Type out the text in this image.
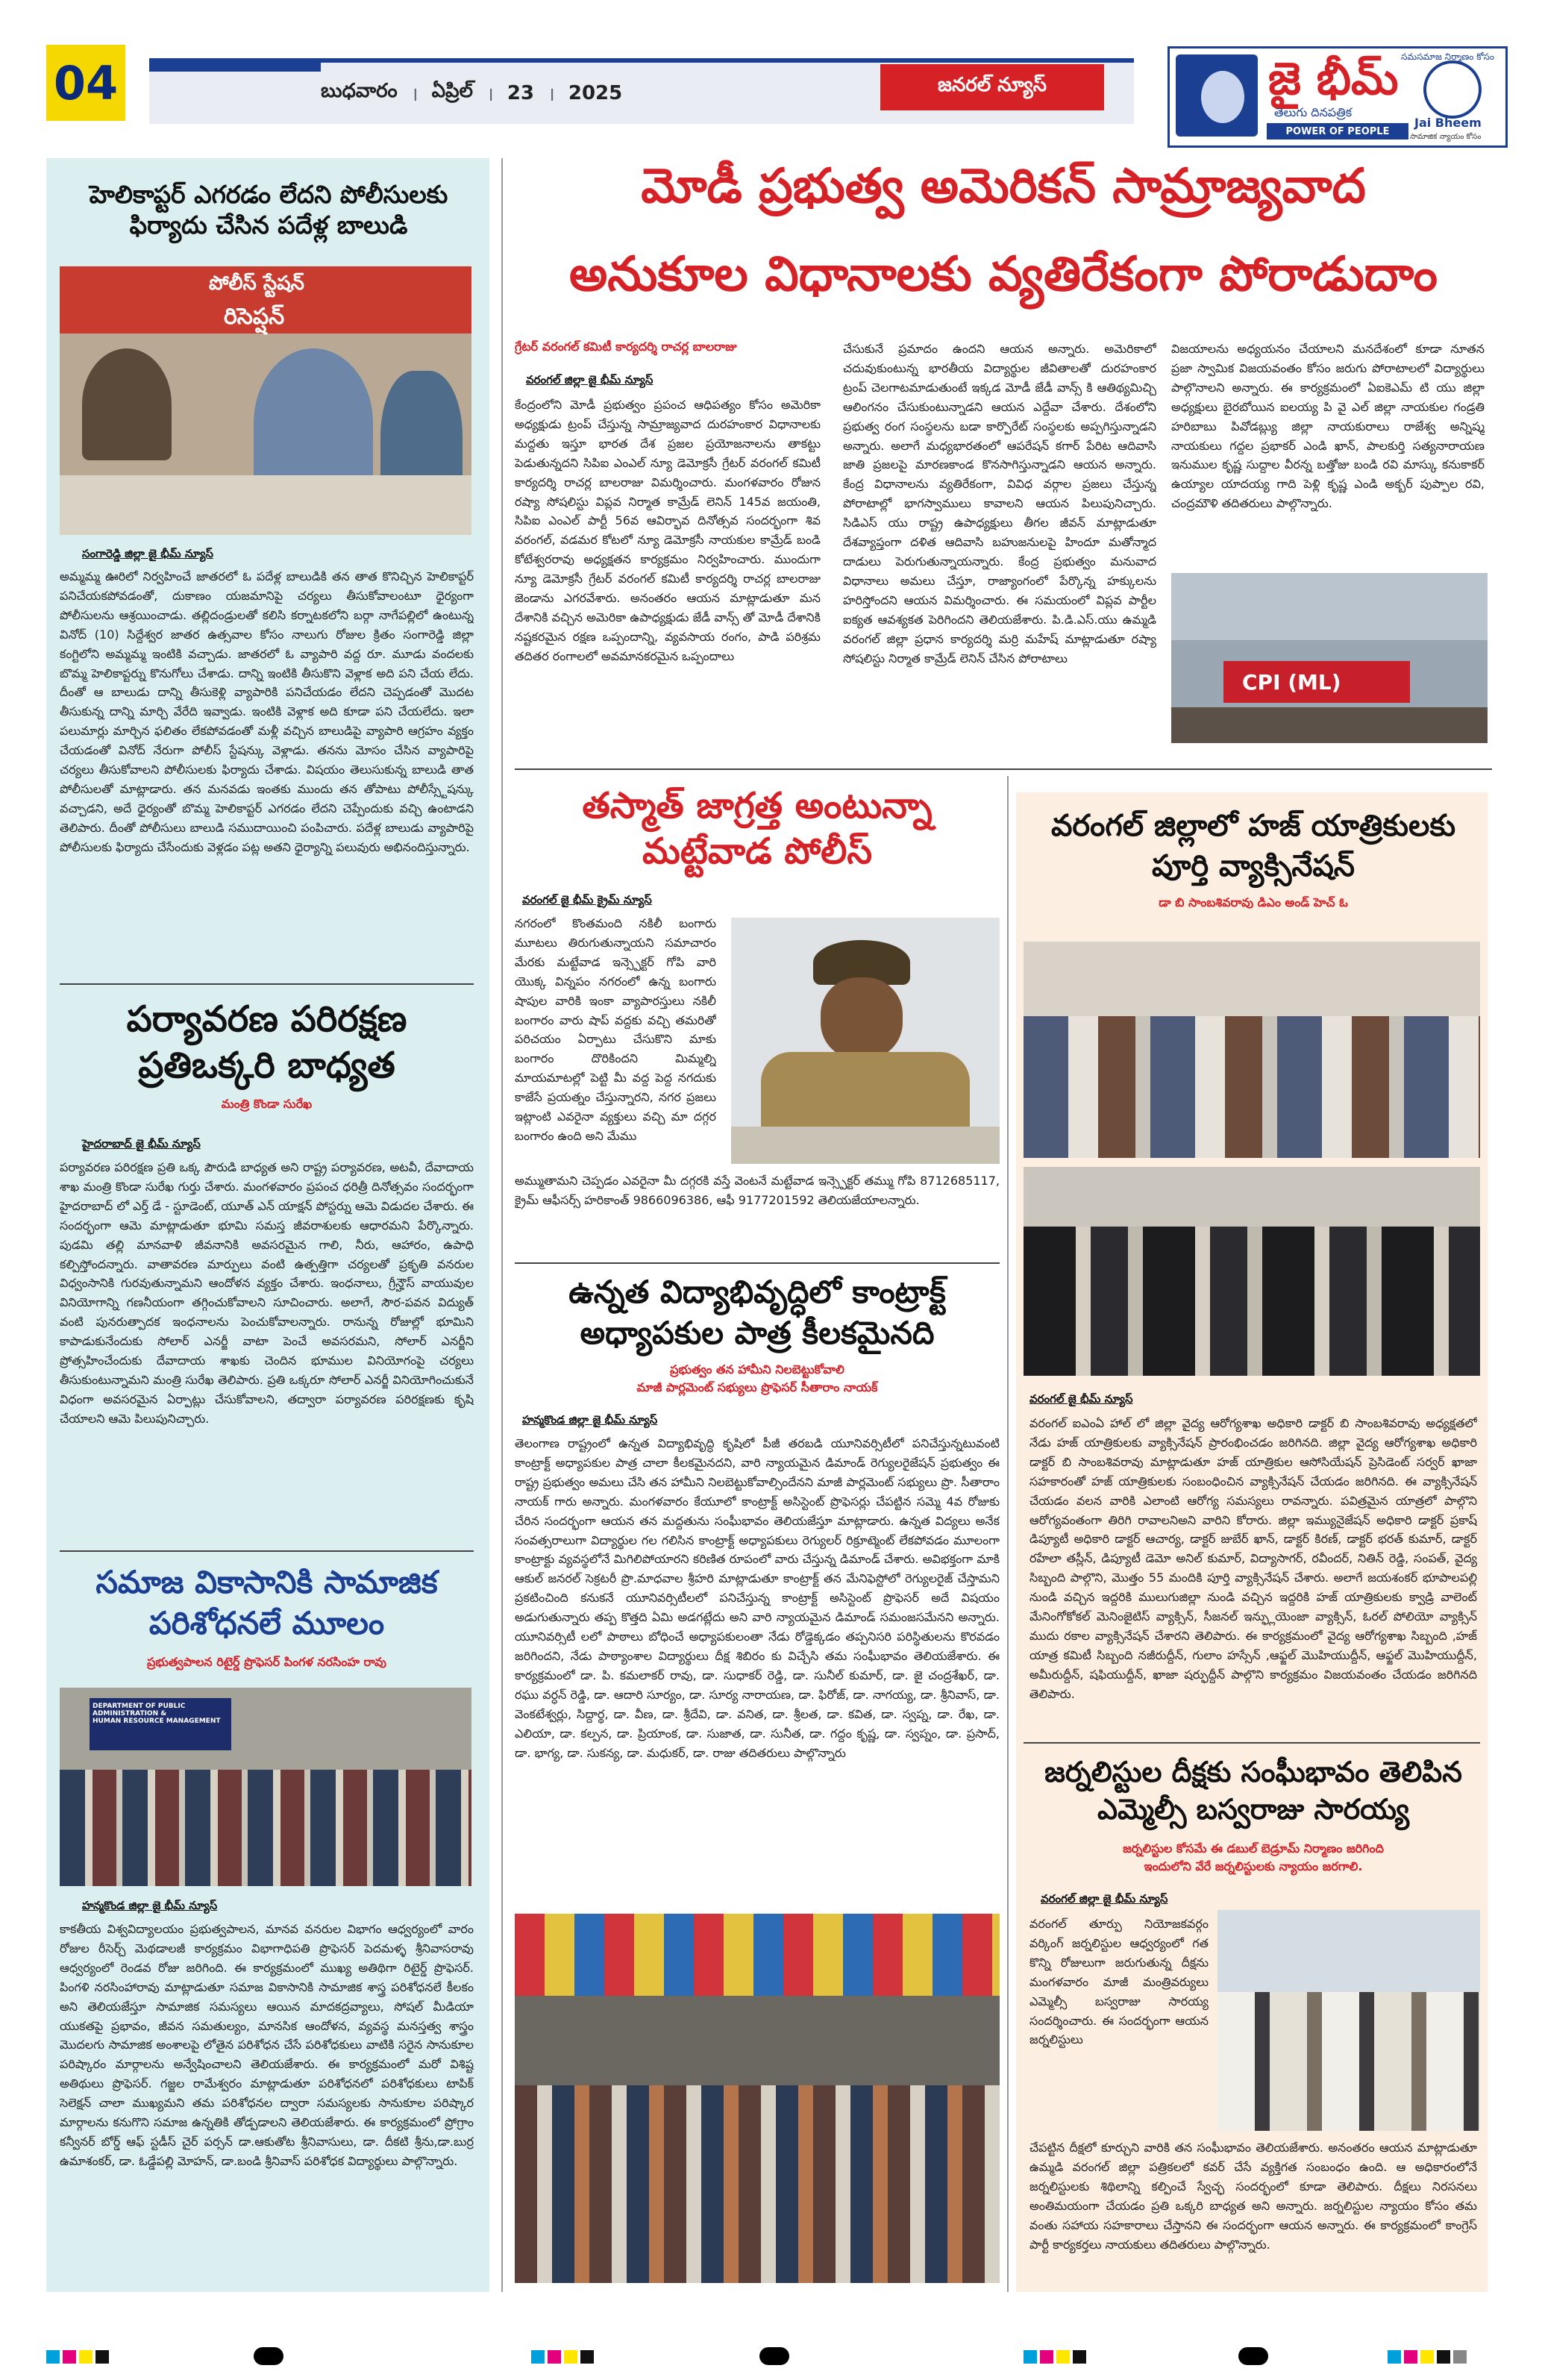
04	బుధవారం । ఏప్రిల్ । 23 । 2025	జనరల్ న్యూస్	జై భీమ్ సమసమాజ నిర్మాణం కోసం
తెలుగు దినపత్రిక
POWER OF PEOPLE
Jai Bheem
సామాజిక న్యాయం కోసం
హెలికాప్టర్ ఎగరడం లేదని పోలీసులకు ఫిర్యాదు చేసిన పదేళ్ల బాలుడి
పోలీస్ స్టేషన్
రిసెప్షన్
సంగారెడ్డి జిల్లా జై భీమ్ న్యూస్
అమ్మమ్మ ఊరిలో నిర్వహించే జాతరలో ఓ పదేళ్ల బాలుడికి తన తాత కొనిచ్చిన హెలికాప్టర్ పనిచేయకపోవడంతో, దుకాణం యజమానిపై చర్యలు తీసుకోవాలంటూ ధైర్యంగా పోలీసులను ఆశ్రయించాడు. తల్లిదండ్రులతో కలిసి కర్నాటకలోని బర్గా నాగేపల్లిలో ఉంటున్న వినోద్ (10) సిద్దేశ్వర జాతర ఉత్సవాల కోసం నాలుగు రోజుల క్రితం సంగారెడ్డి జిల్లా కంగ్టిలోని అమ్మమ్మ ఇంటికి వచ్చాడు. జాతరలో ఓ వ్యాపారి వద్ద రూ. మూడు వందలకు బొమ్మ హెలికాప్టర్ను కొనుగోలు చేశాడు. దాన్ని ఇంటికి తీసుకొని వెళ్లాక అది పని చేయ లేదు. దీంతో ఆ బాలుడు దాన్ని తీసుకెళ్లి వ్యాపారికి పనిచేయడం లేదని చెప్పడంతో మొదట తీసుకున్న దాన్ని మార్చి వేరేది ఇవ్వాడు. ఇంటికి వెళ్లాక అది కూడా పని చేయలేదు. ఇలా పలుమార్లు మార్చిన ఫలితం లేకపోవడంతో మళ్లీ వచ్చిన బాలుడిపై వ్యాపారి ఆగ్రహం వ్యక్తం చేయడంతో వినోద్ నేరుగా పోలీస్ స్టేషన్కు వెళ్లాడు. తనను మోసం చేసిన వ్యాపారిపై చర్యలు తీసుకోవాలని పోలీసులకు ఫిర్యాదు చేశాడు. విషయం తెలుసుకున్న బాలుడి తాత పోలీసులతో మాట్లాడారు. తన మనవడు ఇంతకు ముందు తన తోపాటు పోలీస్స్టేషన్కు వచ్చాడని, అదే ధైర్యంతో బొమ్మ హెలికాప్టర్ ఎగరడం లేదని చెప్పేందుకు వచ్చి ఉంటాడని తెలిపారు. దీంతో పోలీసులు బాలుడి సముదాయించి పంపిచారు. పదేళ్ల బాలుడు వ్యాపారిపై పోలీసులకు ఫిర్యాదు చేసేందుకు వెళ్లడం పట్ల అతని ధైర్యాన్ని పలువురు అభినందిస్తున్నారు.
పర్యావరణ పరిరక్షణ ప్రతిఒక్కరి బాధ్యత
మంత్రి కొండా సురేఖ
హైదరాబాద్ జై భీమ్ న్యూస్
పర్యావరణ పరిరక్షణ ప్రతి ఒక్క పౌరుడి బాధ్యత అని రాష్ట్ర పర్యావరణ, అటవీ, దేవాదాయ శాఖ మంత్రి కొండా సురేఖ గుర్తు చేశారు. మంగళవారం ప్రపంచ ధరిత్రీ దినోత్సవం సందర్భంగా హైదరాబాద్ లో ఎర్త్ డే - స్టూడెంట్, యూత్ ఎన్ యాక్షన్ పోస్టర్ను ఆమె విడుదల చేశారు. ఈ సందర్భంగా ఆమె మాట్లాడుతూ భూమి సమస్త జీవరాశులకు ఆధారమని పేర్కొన్నారు. పుడమి తల్లి మానవాళి జీవనానికి అవసరమైన గాలి, నీరు, ఆహారం, ఉపాధి కల్పిస్తోందన్నారు. వాతావరణ మార్పులు వంటి ఉత్పత్తిగా చర్యలతో ప్రకృతి వనరుల విధ్వంసానికి గురవుతున్నామని ఆందోళన వ్యక్తం చేశారు. ఇంధనాలు, గ్రీన్హౌస్ వాయువుల వినియోగాన్ని గణనీయంగా తగ్గించుకోవాలని సూచించారు. అలాగే, సౌర-పవన విద్యుత్ వంటి పునరుత్పాదక ఇంధనాలను పెంచుకోవాలన్నారు. రానున్న రోజుల్లో భూమిని కాపాడుకునేందుకు సోలార్ ఎనర్జీ వాటా పెంచే అవసరమని, సోలార్ ఎనర్జీని ప్రోత్సహించేందుకు దేవాదాయ శాఖకు చెందిన భూముల వినియోగంపై చర్యలు తీసుకుంటున్నామని మంత్రి సురేఖ తెలిపారు. ప్రతి ఒక్కరూ సోలార్ ఎనర్జీ వినియోగించుకునే విధంగా అవసరమైన ఏర్పాట్లు చేసుకోవాలని, తద్వారా పర్యావరణ పరిరక్షణకు కృషి చేయాలని ఆమె పిలుపునిచ్చారు.
సమాజ వికాసానికి సామాజిక పరిశోధనలే మూలం
ప్రభుత్వపాలన రిటైర్డ్ ప్రొఫెసర్ పింగళ నరసింహ రావు
DEPARTMENT OF PUBLIC ADMINISTRATION &
HUMAN RESOURCE MANAGEMENT
హన్మకొండ జిల్లా జై భీమ్ న్యూస్
కాకతీయ విశ్వవిద్యాలయం ప్రభుత్వపాలన, మానవ వనరుల విభాగం ఆధ్వర్యంలో వారం రోజుల రీసెర్చ్ మెథడాలజీ కార్యక్రమం విభాగాధిపతి ప్రొఫెసర్ పెదమళ్ళ శ్రీనివాసరావు ఆధ్వర్యంలో రెండవ రోజు జరిగింది. ఈ కార్యక్రమంలో ముఖ్య అతిథిగా రిటైర్డ్ ప్రొఫెసర్. పింగళి నరసింహారావు మాట్లాడుతూ సమాజ వికాసానికి సామాజిక శాస్త్ర పరిశోధనలే కీలకం అని తెలియజేస్తూ సామాజిక సమస్యలు ఆయిన మాదకద్రవ్యాలు, సోషల్ మీడియా యుకతపై ప్రభావం, జీవన సమతుల్యం, మానసిక ఆందోళన, వ్యవస్థ మనస్తత్వ శాస్త్రం మొదలగు సామాజిక అంశాలపై లోతైన పరిశోధన చేసే పరిశోధకులు వాటికి సరైన సానుకూల పరిష్కారం మార్గాలను అన్వేషించాలని తెలియజేశారు. ఈ కార్యక్రమంలో మరో విశిష్ట అతిథులు ప్రొఫెసర్. గజ్జల రామేశ్వరం మాట్లాడుతూ పరిశోధనలో పరిశోధకులు టాపిక్ సెలెక్షన్ చాలా ముఖ్యమని తమ పరిశోధనల ద్వారా సమస్యలకు సానుకూల పరిష్కార మార్గాలను కనుగొని సమాజ ఉన్నతికి తోడ్పడాలని తెలియజేశారు. ఈ కార్యక్రమంలో ప్రోగ్రాం కన్వీనర్ బోర్డ్ ఆఫ్ స్టడీస్ చైర్ పర్సన్ డా.ఆకుతోట శ్రీనివాసులు, డా. దీకటి శ్రీను,డా.బుర్ర ఉమాశంకర్, డా. ఓడ్డేపల్లి మోహన్, డా.బండి శ్రీనివాస్ పరిశోధక విద్యార్థులు పాల్గొన్నారు.
మోడీ ప్రభుత్వ అమెరికన్ సామ్రాజ్యవాద
అనుకూల విధానాలకు వ్యతిరేకంగా పోరాడుదాం
గ్రేటర్ వరంగల్ కమిటీ కార్యదర్శి రాచర్ల బాలరాజు
వరంగల్ జిల్లా జై భీమ్ న్యూస్
కేంద్రంలోని మోడీ ప్రభుత్వం ప్రపంచ ఆధిపత్యం కోసం అమెరికా అధ్యక్షుడు ట్రంప్ చేస్తున్న సామ్రాజ్యవాద దురహంకార విధానాలకు మద్దతు ఇస్తూ భారత దేశ ప్రజల ప్రయోజనాలను తాకట్టు పెడుతున్నదని సిపిఐ ఎంఎల్ న్యూ డెమోక్రసీ గ్రేటర్ వరంగల్ కమిటీ కార్యదర్శి రాచర్ల బాలరాజు విమర్శించారు. మంగళవారం రోజున రష్యా సోషలిస్టు విప్లవ నిర్మాత కామ్రేడ్ లెనిన్ 145వ జయంతి, సిపిఐ ఎంఎల్ పార్టీ 56వ ఆవిర్భావ దినోత్సవ సందర్భంగా శివ వరంగల్, వడమర కోటలో న్యూ డెమోక్రసీ నాయకుల కామ్రేడ్ బండి కోటేశ్వరరావు అధ్యక్షతన కార్యక్రమం నిర్వహించారు. ముందుగా న్యూ డెమోక్రసీ గ్రేటర్ వరంగల్ కమిటీ కార్యదర్శి రాచర్ల బాలరాజు జెండాను ఎగరవేశారు. అనంతరం ఆయన మాట్లాడుతూ మన దేశానికి వచ్చిన అమెరికా ఉపాధ్యక్షుడు జేడీ వాన్స్ తో మోడీ దేశానికి నష్టకరమైన రక్షణ ఒప్పందాన్ని, వ్యవసాయ రంగం, పాడి పరిశ్రమ తదితర రంగాలలో అవమానకరమైన ఒప్పందాలు
చేసుకునే ప్రమాదం ఉందని ఆయన అన్నారు. అమెరికాలో చదువుకుంటున్న భారతీయ విద్యార్థుల జీవితాలతో దురహంకార ట్రంప్ చెలగాటమాడుతుంటే ఇక్కడ మోడీ జేడీ వాన్స్ కి ఆతిథ్యమిచ్చి ఆలింగనం చేసుకుంటున్నాడని ఆయన ఎద్దేవా చేశారు. దేశంలోని ప్రభుత్వ రంగ సంస్థలను బడా కార్పొరేట్ సంస్థలకు అప్పగిస్తున్నాడని అన్నారు. అలాగే మధ్యభారతంలో ఆపరేషన్ కగార్ పేరిట ఆదివాసి జాతి ప్రజలపై మారణకాండ కొనసాగిస్తున్నాడని ఆయన అన్నారు. కేంద్ర విధానాలను వ్యతిరేకంగా, వివిధ వర్గాల ప్రజలు చేస్తున్న పోరాటాల్లో భాగస్వాములు కావాలని ఆయన పిలుపునిచ్చారు. సిడిఎస్ యు రాష్ట్ర ఉపాధ్యక్షులు తీగల జీవన్ మాట్లాడుతూ దేశవ్యాప్తంగా దళిత ఆదివాసి బహుజనులపై హిందూ మతోన్మాద దాడులు పెరుగుతున్నాయన్నారు. కేంద్ర ప్రభుత్వం మనువాద విధానాలు అమలు చేస్తూ, రాజ్యాంగంలో పేర్కొన్న హక్కులను హరిస్తోందని ఆయన విమర్శించారు. ఈ సమయంలో విప్లవ పార్టీల ఐక్యత ఆవశ్యకత పెరిగిందని తెలియజేశారు. పి.డి.ఎస్.యు ఉమ్మడి వరంగల్ జిల్లా ప్రధాన కార్యదర్శి మర్రి మహేష్ మాట్లాడుతూ రష్యా సోషలిస్టు నిర్మాత కామ్రేడ్ లెనిన్ చేసిన పోరాటాలు
విజయాలను అధ్యయనం చేయాలని మనదేశంలో కూడా నూతన ప్రజా స్వామిక విజయవంతం కోసం జరుగు పోరాటాలలో విద్యార్థులు పాల్గొనాలని అన్నారు. ఈ కార్యక్రమంలో ఏఐకెఎమ్ టి యు జిల్లా అధ్యక్షులు బైరబోయిన ఐలయ్య పి వై ఎల్ జిల్లా నాయకుల గండ్రతి హరిబాబు పివోడబ్ల్యు జిల్లా నాయకురాలు రాజేశ్వ అన్నిష్మ నాయకులు గద్దల ప్రభాకర్ ఎండి ఖాన్, పాలకుర్తి సత్యనారాయణ ఇనుముల కృష్ణ సుద్దాల వీరన్న బత్తోజు బండి రవి మాస్కు కనుకాకర్ ఉయ్యాల యాదయ్య గాది పెళ్లి కృష్ణ ఎండి అక్బర్ పుప్పాల రవి, చంద్రమౌళి తదితరులు పాల్గొన్నారు.
CPI (ML)
తస్మాత్ జాగ్రత్త అంటున్నా మట్టేవాడ పోలీస్
వరంగల్ జై భీమ్ క్రైమ్ న్యూస్
నగరంలో కొంతమంది నకిలీ బంగారు మూటలు తిరుగుతున్నాయని సమాచారం మేరకు మట్టేవాడ ఇన్స్పెక్టర్ గోపి వారి యొక్క విన్నపం నగరంలో ఉన్న బంగారు షాపుల వారికి ఇంకా వ్యాపారస్తులు నకిలీ బంగారం వారు షాప్ వద్దకు వచ్చి తమరితో పరిచయం ఏర్పాటు చేసుకొని మాకు బంగారం దొరికిందని మిమ్మల్ని మాయమాటల్లో పెట్టి మీ వద్ద పెద్ద నగదుకు కాజేసే ప్రయత్నం చేస్తున్నారని, నగర ప్రజలు ఇట్లాంటి ఎవరైనా వ్యక్తులు వచ్చి మా దగ్గర బంగారం ఉంది అని మేము
అమ్ముతామని చెప్పడం ఎవరైనా మీ దగ్గరకి వస్తే వెంటనే మట్టేవాడ ఇన్స్పెక్టర్ తమ్ము గోపి 8712685117, క్రైమ్ ఆఫీసర్స్ హరికాంత్ 9866096386, ఆఫీ 9177201592 తెలియజేయాలన్నారు.
ఉన్నత విద్యాభివృద్ధిలో కాంట్రాక్ట్ అధ్యాపకుల పాత్ర కీలకమైనది
ప్రభుత్వం తన హామీని నిలబెట్టుకోవాలి
మాజీ పార్లమెంట్ సభ్యులు ప్రొఫెసర్ సీతారాం నాయక్
హన్మకొండ జిల్లా జై భీమ్ న్యూస్
తెలంగాణ రాష్ట్రంలో ఉన్నత విద్యాభివృద్ధి కృషిలో పీజీ తరబడి యూనివర్సిటీలో పనిచేస్తున్నటువంటి కాంట్రాక్ట్ అధ్యాపకుల పాత్ర చాలా కీలకమైనదని, వారి న్యాయమైన డిమాండ్ రెగ్యులరైజేషన్ ప్రభుత్వం ఈ రాష్ట్ర ప్రభుత్వం అమలు చేసి తన హామీని నిలబెట్టుకోవాల్సిందేనని మాజీ పార్లమెంట్ సభ్యులు ప్రొ. సీతారాం నాయక్ గారు అన్నారు. మంగళవారం కేయూలో కాంట్రాక్ట్ అసిస్టెంట్ ప్రొఫెసర్లు చేపట్టిన సమ్మె 4వ రోజుకు చేరిన సందర్భంగా ఆయన తన మద్దతును సంఘీభావం తెలియజేస్తూ మాట్లాడారు. ఉన్నత విద్యలు అనేక సంవత్సరాలుగా విద్యార్థుల గల గలిసిన కాంట్రాక్ట్ అధ్యాపకులు రెగ్యులర్ రిక్రూట్మెంట్ లేకపోవడం మూలంగా కాంట్రాక్టు వ్యవస్థలోనే మిగిలిపోయారని కరిణిత రూపంలో వారు చేస్తున్న డిమాండ్ చేశారు. అవిభక్తంగా మాకి ఆకుల్ జనరల్ సెక్రటరీ ప్రొ.మాధవాల శ్రీహరి మాట్లాడుతూ కాంట్రాక్ట్ తన మేనిఫెస్టోలో రెగ్యులరైజ్ చేస్తామని ప్రకటించింది కనుకనే యూనివర్సిటీలలో పనిచేస్తున్న కాంట్రాక్ట్ అసిస్టెంట్ ప్రొఫెసర్ అదే విషయం అడుగుతున్నారు తప్ప కొత్తది ఏమి అడగట్లేదు అని వారి న్యాయమైన డిమాండ్ సమంజసమేనని అన్నారు. యూనివర్సిటీ లలో పాఠాలు బోధించే అధ్యాపకులంతా నేడు రోడ్డెక్కడం తప్పనిసరి పరిస్థితులను కొరవడం జరిగిందని, నేడు పాఠ్యాంశాల విద్యార్థులు దీక్ష శిబిరం కు విచ్చేసి తమ సంఘీభావం తెలియజేశారు. ఈ కార్యక్రమంలో డా. పి. కమలాకర్ రావు, డా. సుధాకర్ రెడ్డి, డా. సునీల్ కుమార్, డా. జై చంద్రశేఖర్, డా. రఘు వర్ధన్ రెడ్డి, డా. ఆదారి సూర్యం, డా. సూర్య నారాయణ, డా. ఫిరోజ్, డా. నాగయ్య, డా. శ్రీనివాస్, డా. వెంకటేశ్వర్లు, సిద్దార్థ, డా. వీణ, డా. శ్రీదేవి, డా. వనిత, డా. శ్రీలత, డా. కవిత, డా. స్వప్న, డా. రేఖ, డా. ఎలియా, డా. కల్పన, డా. ప్రియాంక, డా. సుజాత, డా. సునీత, డా. గద్దం కృష్ణ, డా. స్వప్నం, డా. ప్రసాద్, డా. భాగ్య, డా. సుకన్య, డా. మధుకర్, డా. రాజు తదితరులు పాల్గొన్నారు
వరంగల్ జిల్లాలో హజ్ యాత్రికులకు పూర్తి వ్యాక్సినేషన్
డా బి సాంబశివరావు డిఎం అండ్ హెచ్ ఓ
వరంగల్ జై భీమ్ న్యూస్
వరంగల్ ఐఎంఏ హాల్ లో జిల్లా వైద్య ఆరోగ్యశాఖ అధికారి డాక్టర్ బి సాంబశివరావు అధ్యక్షతలో నేడు హజ్ యాత్రికులకు వ్యాక్సినేషన్ ప్రారంభించడం జరిగినది. జిల్లా వైద్య ఆరోగ్యశాఖ అధికారి డాక్టర్ బి సాంబశివరావు మాట్లాడుతూ హజ్ యాత్రికుల ఆసోసియేషన్ ప్రెసిడెంట్ సర్వర్ ఖాజా సహకారంతో హజ్ యాత్రికులకు సంబంధించిన వ్యాక్సినేషన్ చేయడం జరిగినది. ఈ వ్యాక్సినేషన్ చేయడం వలన వారికి ఎలాంటి ఆరోగ్య సమస్యలు రావన్నారు. పవిత్రమైన యాత్రలో పాల్గొని ఆరోగ్యవంతంగా తిరిగి రావాలనిఅని వారిని కోరారు. జిల్లా ఇమ్యునైజేషన్ అధికారి డాక్టర్ ప్రకాష్ డిప్యూటీ అధికారి డాక్టర్ ఆచార్య, డాక్టర్ జుబేర్ ఖాన్, డాక్టర్ కిరణ్, డాక్టర్ భరత్ కుమార్, డాక్టర్ రహేలా తస్లీన్, డిప్యూటీ డెమో అనిల్ కుమార్, విద్యాసాగర్, రవీందర్, నితిన్ రెడ్డి, సంపత్, వైద్య సిబ్బంది పాల్గొని, మొత్తం 55 మందికి పూర్తి వ్యాక్సినేషన్ చేశారు. అలాగే జయశంకర్ భూపాలపల్లి నుండి వచ్చిన ఇద్దరికి ములుగుజిల్లా నుండి వచ్చిన ఇద్దరికి హజ్ యాత్రికులకు క్వాడ్రి వాలెంట్ మేనింగోకోకల్ మెనింజైటిస్ వ్యాక్సిన్, సీజనల్ ఇన్ఫ్లుయెంజా వ్యాక్సిన్, ఓరల్ పోలియో వ్యాక్సిన్ ముదు రకాల వ్యాక్సినేషన్ చేశారని తెలిపారు. ఈ కార్యక్రమంలో వైద్య ఆరోగ్యశాఖ సిబ్బంది ,హజ్ యాత్ర కమిటీ సిబ్బంది నజీరుద్దీన్, గులాం హస్సేన్ ,ఆఫ్జల్ మొహియుద్దీన్, ఆఫ్జల్ మొహియుద్దీన్, అమీరుద్దీన్, షఫియుద్దీన్, ఖాజా షర్ఫుద్దీన్ పాల్గొని కార్యక్రమం విజయవంతం చేయడం జరిగినది తెలిపారు.
జర్నలిస్టుల దీక్షకు సంఘీభావం తెలిపిన ఎమ్మెల్సీ బస్వరాజు సారయ్య
జర్నలిస్టుల కోసమే ఈ డబుల్ బెడ్రూమ్ నిర్మాణం జరిగింది
ఇందులోని వేరే జర్నలిస్టులకు న్యాయం జరగాలి.
వరంగల్ జిల్లా జై భీమ్ న్యూస్
వరంగల్ తూర్పు నియోజకవర్గం వర్కింగ్ జర్నలిస్టుల ఆధ్వర్యంలో గత కొన్ని రోజులుగా జరుగుతున్న దీక్షను మంగళవారం మాజీ మంత్రివర్యులు ఎమ్మెల్సీ బస్వరాజు సారయ్య సందర్శించారు. ఈ సందర్భంగా ఆయన జర్నలిస్టులు
చేపట్టిన దీక్షలో కూర్చుని వారికి తన సంఘీభావం తెలియజేశారు. అనంతరం ఆయన మాట్లాడుతూ ఉమ్మడి వరంగల్ జిల్లా పత్రికలలో కవర్ చేసే వ్యక్తిగత సంబంధం ఉంది. ఆ అధికారంలోనే జర్నలిస్టులకు శిథిలాన్ని కల్పించే స్వేచ్ఛ సందర్భంలో కూడా తెలిపారు. దీక్షలు నిరసనలు అంతిమయంగా చేయడం ప్రతి ఒక్కరి బాధ్యత అని అన్నారు. జర్నలిస్టుల న్యాయం కోసం తమ వంతు సహాయ సహకారాలు చేస్తానని ఈ సందర్భంగా ఆయన అన్నారు. ఈ కార్యక్రమంలో కాంగ్రెస్ పార్టీ కార్యకర్తలు నాయకులు తదితరులు పాల్గొన్నారు.
